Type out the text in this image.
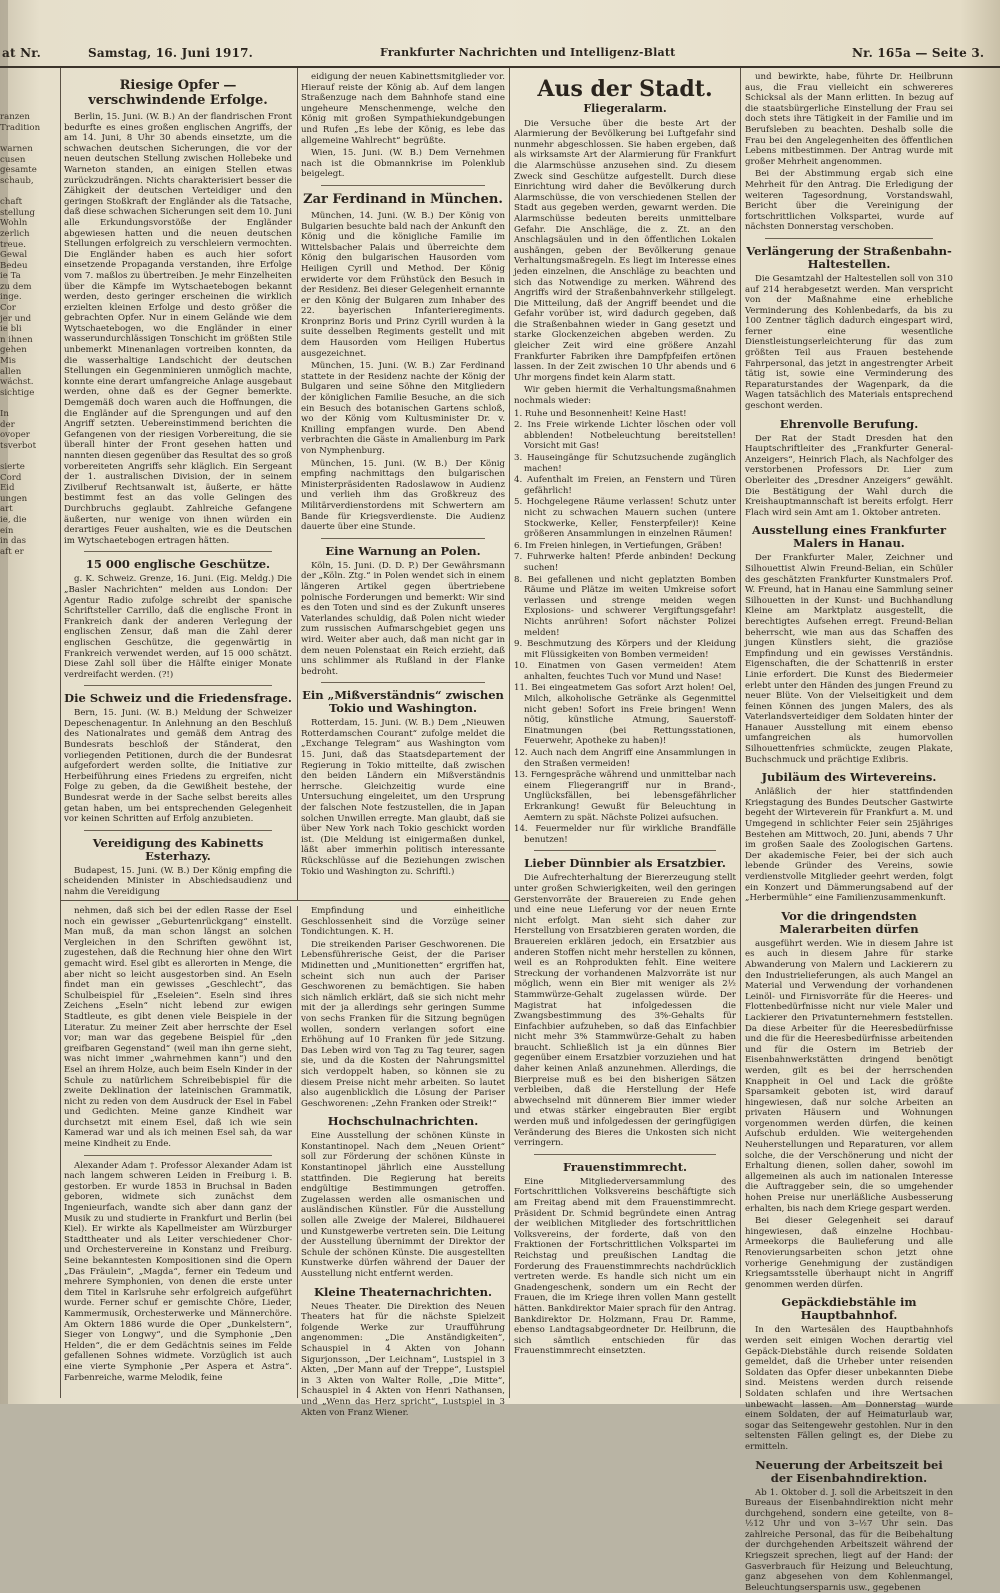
at Nr.	Samstag, 16. Juni 1917.	Frankfurter Nachrichten und Intelligenz-Blatt	Nr. 165a — Seite 3.

ranzen
Tradition

warnen
cusen
gesamte
schaub,

chaft
stellung
Wohln
zerlich
treue.
Gewal
Bedeu
ie Ta
zu dem
inge.
Cor
jer und
ie bli
n ihnen
gehen
Mis
allen
wächst.
sichtige

In
der
ovoper
tsverbot

sierte
Cord
Eid
ungen
art
ie, die
ein
in das
aft er
Riesige Opfer — verschwindende Erfolge.

Berlin, 15. Juni. (W. B.) An der flandrischen Front bedurfte es eines großen englischen Angriffs, der am 14. Juni, 8 Uhr 30 abends einsetzte, um die schwachen deutschen Sicherungen, die vor der neuen deutschen Stellung zwischen Hollebeke und Warneton standen, an einigen Stellen etwas zurückzudrängen. Nichts charakterisiert besser die Zähigkeit der deutschen Verteidiger und den geringen Stoßkraft der Engländer als die Tatsache, daß diese schwachen Sicherungen seit dem 10. Juni alle Erkundungsvorstöße der Engländer abgewiesen hatten und die neuen deutschen Stellungen erfolgreich zu verschleiern vermochten. Die Engländer haben es auch hier sofort einsetzende Propaganda verstanden, ihre Erfolge vom 7. maßlos zu übertreiben. Je mehr Einzelheiten über die Kämpfe im Wytschaetebogen bekannt werden, desto geringer erscheinen die wirklich erzielten kleinen Erfolge und desto größer die gebrachten Opfer. Nur in einem Gelände wie dem Wytschaetebogen, wo die Engländer in einer wasserundurchlässigen Tonschicht im größten Stile unbemerkt Minenanlagen vortreiben konnten, da die wasserhaltige Landschicht der deutschen Stellungen ein Gegenminieren unmöglich machte, konnte eine derart umfangreiche Anlage ausgebaut werden, ohne daß es der Gegner bemerkte. Demgemäß doch waren auch die Hoffnungen, die die Engländer auf die Sprengungen und auf den Angriff setzten. Uebereinstimmend berichten die Gefangenen von der riesigen Vorbereitung, die sie überall hinter der Front gesehen hatten und nannten diesen gegenüber das Resultat des so groß vorbereiteten Angriffs sehr kläglich. Ein Sergeant der 1. australischen Division, der in seinem Zivilberuf Rechtsanwalt ist, äußerte, er hätte bestimmt fest an das volle Gelingen des Durchbruchs geglaubt. Zahlreiche Gefangene äußerten, nur wenige von ihnen würden ein derartiges Feuer aushalten, wie es die Deutschen im Wytschaetebogen ertragen hätten.

15 000 englische Geschütze.

g. K. Schweiz. Grenze, 16. Juni. (Eig. Meldg.) Die „Basler Nachrichten“ melden aus London: Der Agentur Radio zufolge schreibt der spanische Schriftsteller Carrillo, daß die englische Front in Frankreich dank der anderen Verlegung der englischen Zensur, daß man die Zahl derer englischen Geschütze, die gegenwärtig in Frankreich verwendet werden, auf 15 000 schätzt. Diese Zahl soll über die Hälfte einiger Monate verdreifacht werden. (?!)

Die Schweiz und die Friedensfrage.

Bern, 15. Juni. (W. B.) Meldung der Schweizer Depeschenagentur. In Anlehnung an den Beschluß des Nationalrates und gemäß dem Antrag des Bundesrats beschloß der Ständerat, den vorliegenden Petitionen, durch die der Bundesrat aufgefordert werden sollte, die Initiative zur Herbeiführung eines Friedens zu ergreifen, nicht Folge zu geben, da die Gewißheit bestehe, der Bundesrat werde in der Sache selbst bereits alles getan haben, um bei entsprechenden Gelegenheit vor keinen Schritten auf Erfolg anzubieten.

Vereidigung des Kabinetts Esterhazy.

Budapest, 15. Juni. (W. B.) Der König empfing die scheidenden Minister in Abschiedsaudienz und nahm die Vereidigung

eidigung der neuen Kabinettsmitglieder vor. Hierauf reiste der König ab. Auf dem langen Straßenzuge nach dem Bahnhofe stand eine ungeheure Menschenmenge, welche den König mit großen Sympathiekundgebungen und Rufen „Es lebe der König, es lebe das allgemeine Wahlrecht“ begrüßte.

Wien, 15. Juni. (W. B.) Dem Vernehmen nach ist die Obmannkrise im Polenklub beigelegt.

Zar Ferdinand in München.

München, 14. Juni. (W. B.) Der König von Bulgarien besuchte bald nach der Ankunft den König und die königliche Familie im Wittelsbacher Palais und überreichte dem König den bulgarischen Hausorden vom Heiligen Cyrill und Method. Der König erwiderte vor dem Frühstück den Besuch in der Residenz. Bei dieser Gelegenheit ernannte er den König der Bulgaren zum Inhaber des 22. bayerischen Infanterieregiments. Kronprinz Boris und Prinz Cyrill wurden à la suite desselben Regiments gestellt und mit dem Hausorden vom Heiligen Hubertus ausgezeichnet.

München, 15. Juni. (W. B.) Zar Ferdinand stattete in der Residenz nachte der König der Bulgaren und seine Söhne den Mitgliedern der königlichen Familie Besuche, an die sich ein Besuch des botanischen Gartens schloß, wo der König vom Kultusminister Dr. v. Knilling empfangen wurde. Den Abend verbrachten die Gäste in Amalienburg im Park von Nymphenburg.

München, 15. Juni. (W. B.) Der König empfing nachmittags den bulgarischen Ministerpräsidenten Radoslawow in Audienz und verlieh ihm das Großkreuz des Militärverdienstordens mit Schwertern am Bande für Kriegsverdienste. Die Audienz dauerte über eine Stunde.

Eine Warnung an Polen.

Köln, 15. Juni. (D. D. P.) Der Gewährsmann der „Köln. Ztg.“ in Polen wendet sich in einem längeren Artikel gegen übertriebene polnische Forderungen und bemerkt: Wir sind es den Toten und sind es der Zukunft unseres Vaterlandes schuldig, daß Polen nicht wieder zum russischen Aufmarschgebiet gegen uns wird. Weiter aber auch, daß man nicht gar in dem neuen Polenstaat ein Reich erzieht, daß uns schlimmer als Rußland in der Flanke bedroht.

Ein „Mißverständnis“ zwischen Tokio und Washington.

Rotterdam, 15. Juni. (W. B.) Dem „Nieuwen Rotterdamschen Courant“ zufolge meldet die „Exchange Telegram“ aus Washington vom 15. Juni, daß das Staatsdepartement der Regierung in Tokio mitteilte, daß zwischen den beiden Ländern ein Mißverständnis herrsche. Gleichzeitig wurde eine Untersuchung eingeleitet, um den Ursprung der falschen Note festzustellen, die in Japan solchen Unwillen erregte. Man glaubt, daß sie über New York nach Tokio geschickt worden ist. (Die Meldung ist einigermaßen dunkel, läßt aber immerhin politisch interessante Rückschlüsse auf die Beziehungen zwischen Tokio und Washington zu. Schriftl.)

nehmen, daß sich bei der edlen Rasse der Esel noch ein gewisser „Geburtenrückgang“ einstellt. Man muß, da man schon längst an solchen Vergleichen in den Schriften gewöhnt ist, zugestehen, daß die Rechnung hier ohne den Wirt gemacht wird. Esel gibt es allerorten in Menge, die aber nicht so leicht ausgestorben sind. An Eseln findet man ein gewisses „Geschlecht“, das Schulbeispiel für „Eseleien“. Eseln sind ihres Zeichens „Eseln“ nicht lebend zur ewigen Stadtleute, es gibt denen viele Beispiele in der Literatur. Zu meiner Zeit aber herrschte der Esel vor; man war das gegebene Beispiel für „den greifbaren Gegenstand“ (weil man ihn gerne sieht, was nicht immer „wahrnehmen kann“) und den Esel an ihrem Holze, auch beim Eseln Kinder in der Schule zu natürlichem Schreibebispiel für die zweite Deklination der lateinischen Grammatik, nicht zu reden von dem Ausdruck der Esel in Fabel und Gedichten. Meine ganze Kindheit war durchsetzt mit einem Esel, daß ich wie sein Kamerad war und als ich meinen Esel sah, da war meine Kindheit zu Ende.

Alexander Adam †. Professor Alexander Adam ist nach langem schweren Leiden in Freiburg i. B. gestorben. Er wurde 1853 in Bruchsal in Baden geboren, widmete sich zunächst dem Ingenieurfach, wandte sich aber dann ganz der Musik zu und studierte in Frankfurt und Berlin (bei Kiel). Er wirkte als Kapellmeister am Würzburger Stadttheater und als Leiter verschiedener Chor- und Orchestervereine in Konstanz und Freiburg. Seine bekanntesten Kompositionen sind die Opern „Das Fräulein“, „Magda“, ferner ein Tedeum und mehrere Symphonien, von denen die erste unter dem Titel in Karlsruhe sehr erfolgreich aufgeführt wurde. Ferner schuf er gemischte Chöre, Lieder, Kammermusik, Orchesterwerke und Männerchöre. Am Oktern 1886 wurde die Oper „Dunkelstern“, Sieger von Longwy“, und die Symphonie „Den Helden“, die er dem Gedächtnis seines im Felde gefallenen Sohnes widmete. Vorzüglich ist auch eine vierte Symphonie „Per Aspera et Astra“. Farbenreiche, warme Melodik, feine

Empfindung und einheitliche Geschlossenheit sind die Vorzüge seiner Tondichtungen. K. H.

Die streikenden Pariser Geschworenen. Die Lebensführerische Geist, der die Pariser Midinetten und „Munitionetten“ ergriffen hat, scheint sich nun auch der Pariser Geschworenen zu bemächtigen. Sie haben sich nämlich erklärt, daß sie sich nicht mehr mit der ja allerdings sehr geringen Summe von sechs Franken für die Sitzung begnügen wollen, sondern verlangen sofort eine Erhöhung auf 10 Franken für jede Sitzung. Das Leben wird von Tag zu Tag teurer, sagen sie, und da die Kosten der Nahrungsmittel sich verdoppelt haben, so können sie zu diesem Preise nicht mehr arbeiten. So lautet also augenblicklich die Lösung der Pariser Geschworenen: „Zehn Franken oder Streik!“

Hochschulnachrichten.

Eine Ausstellung der schönen Künste in Konstantinopel. Nach dem „Neuen Orient“ soll zur Förderung der schönen Künste in Konstantinopel jährlich eine Ausstellung stattfinden. Die Regierung hat bereits endgültige Bestimmungen getroffen. Zugelassen werden alle osmanischen und ausländischen Künstler. Für die Ausstellung sollen alle Zweige der Malerei, Bildhauerei und Kunstgewerbe vertreten sein. Die Leitung der Ausstellung übernimmt der Direktor der Schule der schönen Künste. Die ausgestellten Kunstwerke dürfen während der Dauer der Ausstellung nicht entfernt werden.

Kleine Theaternachrichten.

Neues Theater. Die Direktion des Neuen Theaters hat für die nächste Spielzeit folgende Werke zur Uraufführung angenommen: „Die Anständigkeiten“, Schauspiel in 4 Akten von Johann Sigurjonsson, „Der Leichnam“, Lustspiel in 3 Akten, „Der Mann auf der Treppe“, Lustspiel in 3 Akten von Walter Rolle, „Die Mitte“, Schauspiel in 4 Akten von Henri Nathansen, und „Wenn das Herz spricht“, Lustspiel in 3 Akten von Franz Wiener.

Aus der Stadt.
Fliegeralarm.

Die Versuche über die beste Art der Alarmierung der Bevölkerung bei Luftgefahr sind nunmehr abgeschlossen. Sie haben ergeben, daß als wirksamste Art der Alarmierung für Frankfurt die Alarmschüsse anzusehen sind. Zu diesem Zweck sind Geschütze aufgestellt. Durch diese Einrichtung wird daher die Bevölkerung durch Alarmschüsse, die von verschiedenen Stellen der Stadt aus gegeben werden, gewarnt werden. Die Alarmschüsse bedeuten bereits unmittelbare Gefahr. Die Anschläge, die z. Zt. an den Anschlagsäulen und in den öffentlichen Lokalen aushängen, geben der Bevölkerung genaue Verhaltungsmaßregeln. Es liegt im Interesse eines jeden einzelnen, die Anschläge zu beachten und sich das Notwendige zu merken. Während des Angriffs wird der Straßenbahnverkehr stillgelegt. Die Mitteilung, daß der Angriff beendet und die Gefahr vorüber ist, wird dadurch gegeben, daß die Straßenbahnen wieder in Gang gesetzt und starke Glockenzeichen abgeben werden. Zu gleicher Zeit wird eine größere Anzahl Frankfurter Fabriken ihre Dampfpfeifen ertönen lassen. In der Zeit zwischen 10 Uhr abends und 6 Uhr morgens findet kein Alarm statt.

Wir geben hiermit die Verhaltungsmaßnahmen nochmals wieder:

1. Ruhe und Besonnenheit! Keine Hast!
2. Ins Freie wirkende Lichter löschen oder voll abblenden! Notbeleuchtung bereitstellen! Vorsicht mit Gas!
3. Hauseingänge für Schutzsuchende zugänglich machen!
4. Aufenthalt im Freien, an Fenstern und Türen gefährlich!
5. Hochgelegene Räume verlassen! Schutz unter nicht zu schwachen Mauern suchen (untere Stockwerke, Keller, Fensterpfeiler)! Keine größeren Ansammlungen in einzelnen Räumen!
6. Im Freien hinlegen, in Vertiefungen, Gräben!
7. Fuhrwerke halten! Pferde anbinden! Deckung suchen!
8. Bei gefallenen und nicht geplatzten Bomben Räume und Plätze im weiten Umkreise sofort verlassen und strenge meiden wegen Explosions- und schwerer Vergiftungsgefahr! Nichts anrühren! Sofort nächster Polizei melden!
9. Beschmutzung des Körpers und der Kleidung mit Flüssigkeiten von Bomben vermeiden!
10. Einatmen von Gasen vermeiden! Atem anhalten, feuchtes Tuch vor Mund und Nase!
11. Bei eingeatmetem Gas sofort Arzt holen! Oel, Milch, alkoholische Getränke als Gegenmittel nicht geben! Sofort ins Freie bringen! Wenn nötig, künstliche Atmung, Sauerstoff-Einatmungen (bei Rettungsstationen, Feuerwehr, Apotheke zu haben)!
12. Auch nach dem Angriff eine Ansammlungen in den Straßen vermeiden!
13. Ferngespräche während und unmittelbar nach einem Fliegerangriff nur in Brand-, Unglücksfällen, bei lebensgefährlicher Erkrankung! Gewußt für Beleuchtung in Aemtern zu spät. Nächste Polizei aufsuchen.
14. Feuermelder nur für wirkliche Brandfälle benutzen!
Lieber Dünnbier als Ersatzbier.

Die Aufrechterhaltung der Biererzeugung stellt unter großen Schwierigkeiten, weil den geringen Gerstenvorräte der Brauereien zu Ende gehen und eine neue Lieferung vor der neuen Ernte nicht erfolgt. Man sieht sich daher zur Herstellung von Ersatzbieren geraten worden, die Brauereien erklären jedoch, ein Ersatzbier aus anderen Stoffen nicht mehr herstellen zu können, weil es an Rohprodukten fehlt. Eine weitere Streckung der vorhandenen Malzvorräte ist nur möglich, wenn ein Bier mit weniger als 2½ Stammwürze-Gehalt zugelassen würde. Der Magistrat hat infolgedessen die Zwangsbestimmung des 3%-Gehalts für Einfachbier aufzuheben, so daß das Einfachbier nicht mehr 3% Stammwürze-Gehalt zu haben braucht. Schließlich ist ja ein dünnes Bier gegenüber einem Ersatzbier vorzuziehen und hat daher keinen Anlaß anzunehmen. Allerdings, die Bierpreise muß es bei den bisherigen Sätzen verbleiben, daß die Herstellung der Hefe abwechselnd mit dünnerem Bier immer wieder und etwas stärker eingebrauten Bier ergibt werden muß und infolgedessen der geringfügigen Veränderung des Bieres die Unkosten sich nicht verringern.

Frauenstimmrecht.

Eine Mitgliederversammlung des Fortschrittlichen Volksvereins beschäftigte sich am Freitag abend mit dem Frauenstimmrecht. Präsident Dr. Schmid begründete einen Antrag der weiblichen Mitglieder des fortschrittlichen Volksvereins, der forderte, daß von den Fraktionen der Fortschrittlichen Volkspartei im Reichstag und preußischen Landtag die Forderung des Frauenstimmrechts nachdrücklich vertreten werde. Es handle sich nicht um ein Gnadengeschenk, sondern um ein Recht der Frauen, die im Kriege ihren vollen Mann gestellt hätten. Bankdirektor Maier sprach für den Antrag. Bankdirektor Dr. Holzmann, Frau Dr. Ramme, ebenso Landtagsabgeordneter Dr. Heilbrunn, die sich sämtlich entschieden für das Frauenstimmrecht einsetzten.

und bewirkte, habe, führte Dr. Heilbrunn aus, die Frau vielleicht ein schwereres Schicksal als der Mann erlitten. In bezug auf die staatsbürgerliche Einstellung der Frau sei doch stets ihre Tätigkeit in der Familie und im Berufsleben zu beachten. Deshalb solle die Frau bei den Angelegenheiten des öffentlichen Lebens mitbestimmen. Der Antrag wurde mit großer Mehrheit angenommen.

Bei der Abstimmung ergab sich eine Mehrheit für den Antrag. Die Erledigung der weiteren Tagesordnung, Vorstandswahl, Bericht über die Vereinigung der fortschrittlichen Volkspartei, wurde auf nächsten Donnerstag verschoben.

Verlängerung der Straßenbahn-Haltestellen.

Die Gesamtzahl der Haltestellen soll von 310 auf 214 herabgesetzt werden. Man verspricht von der Maßnahme eine erhebliche Verminderung des Kohlenbedarfs, da bis zu 100 Zentner täglich dadurch eingespart wird, ferner eine wesentliche Dienstleistungserleichterung für das zum größten Teil aus Frauen bestehende Fahrpersonal, das jetzt in angestrengter Arbeit tätig ist, sowie eine Verminderung des Reparaturstandes der Wagenpark, da die Wagen tatsächlich des Materials entsprechend geschont werden.

Ehrenvolle Berufung.

Der Rat der Stadt Dresden hat den Hauptschriftleiter des „Frankfurter General-Anzeigers“, Heinrich Flach, als Nachfolger des verstorbenen Professors Dr. Lier zum Oberleiter des „Dresdner Anzeigers“ gewählt. Die Bestätigung der Wahl durch die Kreishauptmannschaft ist bereits erfolgt. Herr Flach wird sein Amt am 1. Oktober antreten.

Ausstellung eines Frankfurter Malers in Hanau.

Der Frankfurter Maler, Zeichner und Silhouettist Alwin Freund-Belian, ein Schüler des geschätzten Frankfurter Kunstmalers Prof. W. Freund, hat in Hanau eine Sammlung seiner Silhouetten in der Kunst- und Buchhandlung Kleine am Marktplatz ausgestellt, die berechtigtes Aufsehen erregt. Freund-Belian beherrscht, wie man aus das Schaffen des jungen Künstlers sieht, die graziöse Empfindung und ein gewisses Verständnis. Eigenschaften, die der Schattenriß in erster Linie erfordert. Die Kunst des Biedermeier erlebt unter den Händen des jungen Freund zu neuer Blüte. Von der Vielseitigkeit und dem feinen Können des jungen Malers, des als Vaterlandsverteidiger dem Soldaten hinter der Hanauer Ausstellung mit einem ebenso umfangreichen als humorvollen Silhouettenfries schmückte, zeugen Plakate, Buchschmuck und prächtige Exlibris.

Jubiläum des Wirtevereins.

Anläßlich der hier stattfindenden Kriegstagung des Bundes Deutscher Gastwirte begeht der Wirteverein für Frankfurt a. M. und Umgegend in schlichter Feier sein 25jähriges Bestehen am Mittwoch, 20. Juni, abends 7 Uhr im großen Saale des Zoologischen Gartens. Der akademische Feier, bei der sich auch lebende Gründer des Vereins, sowie verdienstvolle Mitglieder geehrt werden, folgt ein Konzert und Dämmerungsabend auf der „Herbermühle“ eine Familienzusammenkunft.

Vor die dringendsten Malerarbeiten dürfen

ausgeführt werden. Wie in diesem Jahre ist es auch in diesem Jahre für starke Abwanderung von Malern und Lackierern zu den Industrielieferungen, als auch Mangel an Material und Verwendung der vorhandenen Leinöl- und Firnisvorräte für die Heeres- und Flottenbedürfnisse nicht nur viele Maler und Lackierer den Privatunternehmern feststellen. Da diese Arbeiter für die Heeresbedürfnisse und die für die Heeresbedürfnisse arbeitenden und für die Ostern im Betrieb der Eisenbahnwerkstätten dringend benötigt werden, gilt es bei der herrschenden Knappheit in Oel und Lack die größte Sparsamkeit geboten ist, wird darauf hingewiesen, daß nur solche Arbeiten an privaten Häusern und Wohnungen vorgenommen werden dürfen, die keinen Aufschub erdulden. Wie weitergehenden Neuherstellungen und Reparaturen, vor allem solche, die der Verschönerung und nicht der Erhaltung dienen, sollen daher, sowohl im allgemeinen als auch im nationalen Interesse die Auftraggeber sein, die so umgehender hohen Preise nur unerläßliche Ausbesserung erhalten, bis nach dem Kriege gespart werden.

Bei dieser Gelegenheit sei darauf hingewiesen, daß einzelne Hochbau-Armeekorps die Baulieferung und alle Renovierungsarbeiten schon jetzt ohne vorherige Genehmigung der zuständigen Kriegsamtsstelle überhaupt nicht in Angriff genommen werden dürfen.

Gepäckdiebstähle im Hauptbahnhof.

In den Wartesälen des Hauptbahnhofs werden seit einigen Wochen derartig viel Gepäck-Diebstähle durch reisende Soldaten gemeldet, daß die Urheber unter reisenden Soldaten das Opfer dieser unbekannten Diebe sind. Meistens werden durch reisende Soldaten schlafen und ihre Wertsachen unbewacht lassen. Am Donnerstag wurde einem Soldaten, der auf Heimaturlaub war, sogar das Seitengewehr gestohlen. Nur in den seltensten Fällen gelingt es, der Diebe zu ermitteln.

Neuerung der Arbeitszeit bei der Eisenbahndirektion.

Ab 1. Oktober d. J. soll die Arbeitszeit in den Bureaus der Eisenbahndirektion nicht mehr durchgehend, sondern eine geteilte, von 8–½12 Uhr und von 3–½7 Uhr sein. Das zahlreiche Personal, das für die Beibehaltung der durchgehenden Arbeitszeit während der Kriegszeit sprechen, liegt auf der Hand: der Gasverbrauch für Heizung und Beleuchtung, ganz abgesehen von dem Kohlenmangel, Beleuchtungsersparnis usw., gegebenen
